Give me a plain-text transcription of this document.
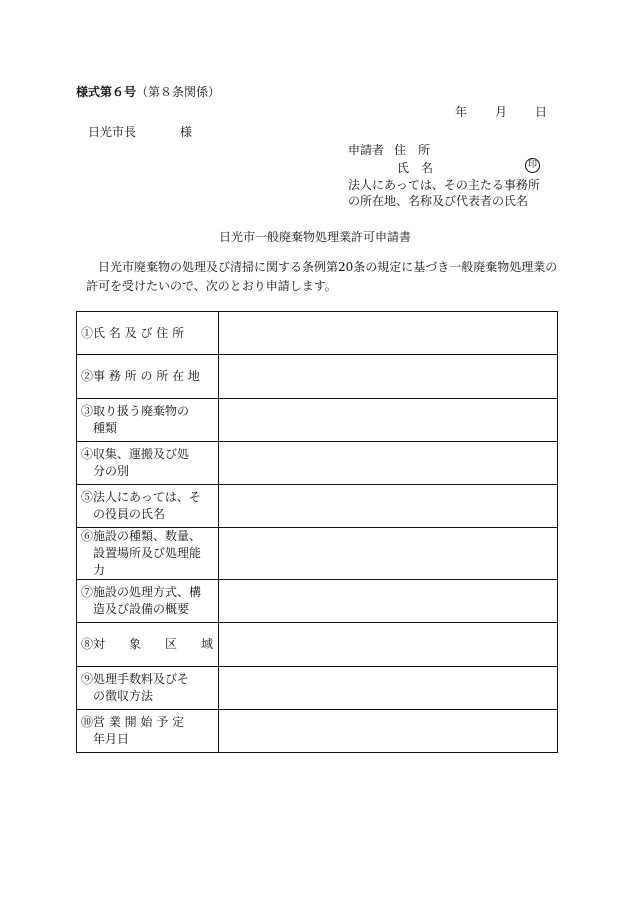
様式第６号（第８条関係）
年 月 日
日光市長	様
申請者 住　所
氏　名	印
法人にあっては、その主たる事務所
の所在地、名称及び代表者の氏名
日光市一般廃棄物処理業許可申請書
日光市廃棄物の処理及び清掃に関する条例第20条の規定に基づき一般廃棄物処理業の
許可を受けたいので、次のとおり申請します。
①氏 名 及 び 住 所	

②事 務 所 の 所 在 地	

③取り扱う廃棄物の
種類	

④収集、運搬及び処
分の別	

⑤法人にあっては、そ
の役員の氏名	

⑥施設の種類、数量、
設置場所及び処理能
力	

⑦施設の処理方式、構
造及び設備の概要	

⑧対　　象　　区　　域	

⑨処理手数料及びそ
の徴収方法	

⑩営 業 開 始 予 定
年月日	
